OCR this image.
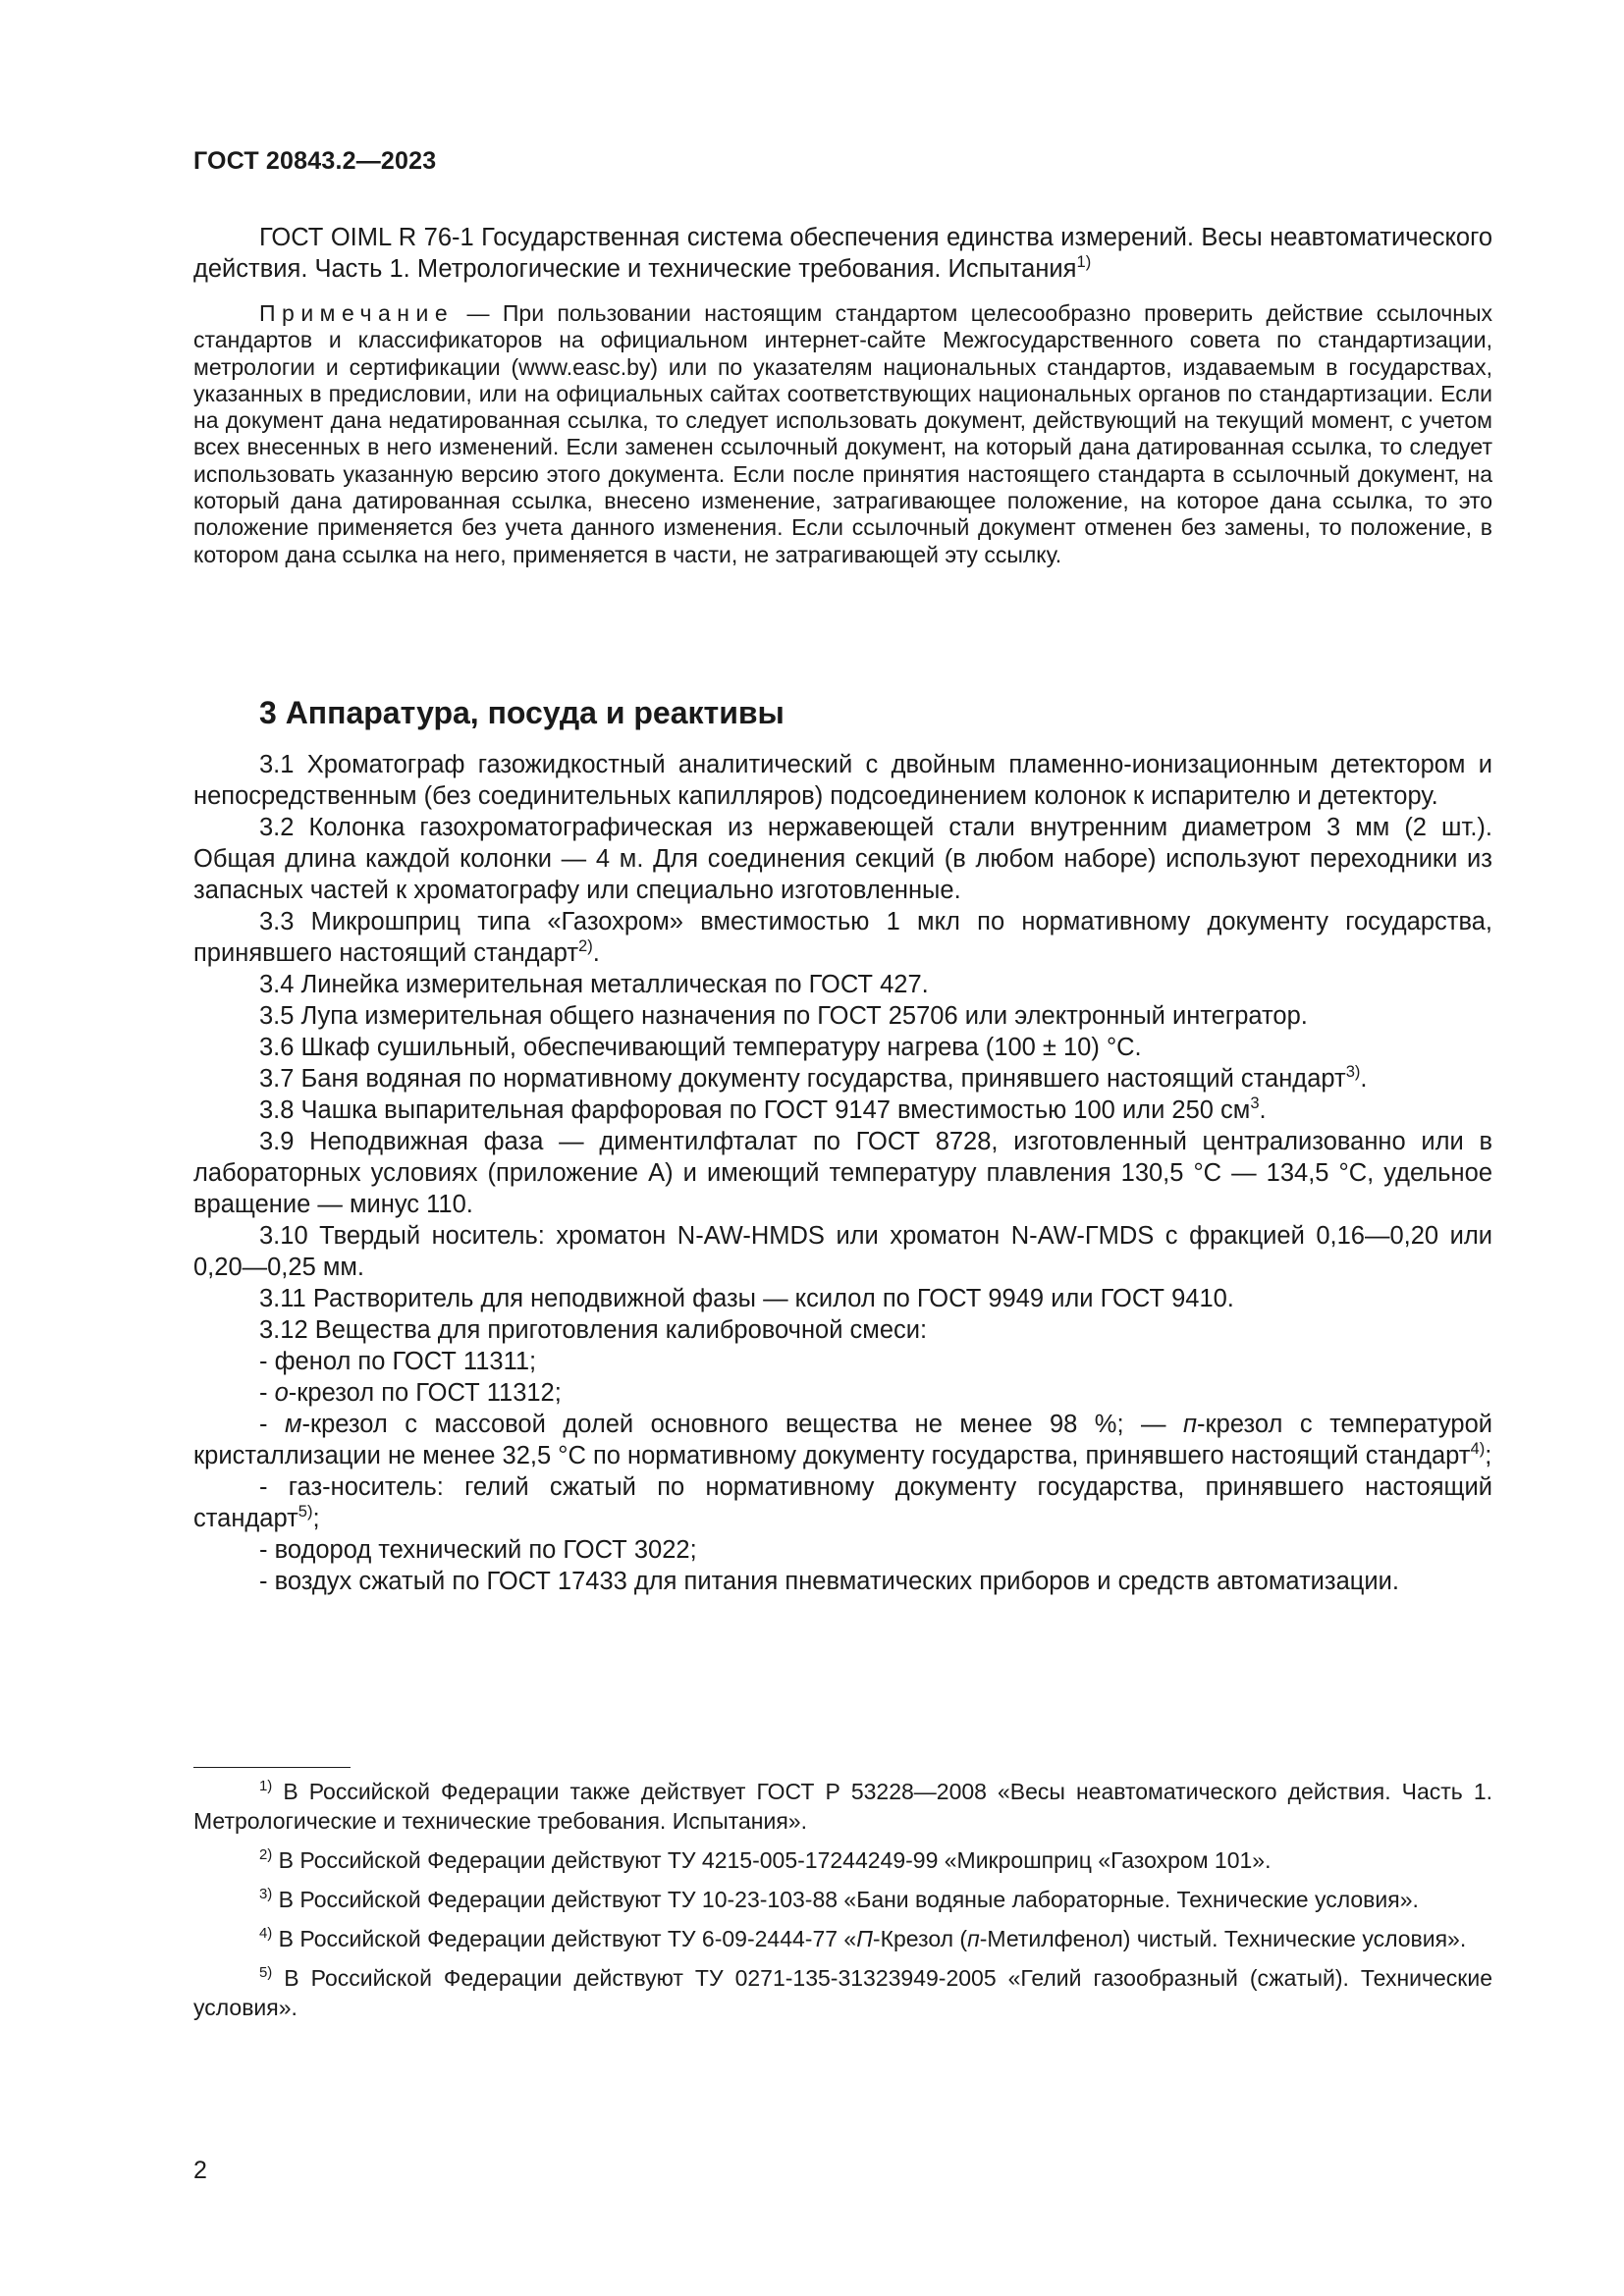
ГОСТ 20843.2—2023

ГОСТ OIML R 76-1 Государственная система обеспечения единства измерений. Весы неавтоматического действия. Часть 1. Метрологические и технические требования. Испытания$^{1)}$

Примечание — При пользовании настоящим стандартом целесообразно проверить действие ссылочных стандартов и классификаторов на официальном интернет-сайте Межгосударственного совета по стандартизации, метрологии и сертификации (www.easc.by) или по указателям национальных стандартов, издаваемым в государствах, указанных в предисловии, или на официальных сайтах соответствующих национальных органов по стандартизации. Если на документ дана недатированная ссылка, то следует использовать документ, действующий на текущий момент, с учетом всех внесенных в него изменений. Если заменен ссылочный документ, на который дана датированная ссылка, то следует использовать указанную версию этого документа. Если после принятия настоящего стандарта в ссылочный документ, на который дана датированная ссылка, внесено изменение, затрагивающее положение, на которое дана ссылка, то это положение применяется без учета данного изменения. Если ссылочный документ отменен без замены, то положение, в котором дана ссылка на него, применяется в части, не затрагивающей эту ссылку.

3 Аппаратура, посуда и реактивы

3.1 Хроматограф газожидкостный аналитический с двойным пламенно-ионизационным детектором и непосредственным (без соединительных капилляров) подсоединением колонок к испарителю и детектору.

3.2 Колонка газохроматографическая из нержавеющей стали внутренним диаметром 3 мм (2 шт.). Общая длина каждой колонки — 4 м. Для соединения секций (в любом наборе) используют переходники из запасных частей к хроматографу или специально изготовленные.

3.3 Микрошприц типа «Газохром» вместимостью 1 мкл по нормативному документу государства, принявшего настоящий стандарт$^{2)}$.

3.4 Линейка измерительная металлическая по ГОСТ 427.

3.5 Лупа измерительная общего назначения по ГОСТ 25706 или электронный интегратор.

3.6 Шкаф сушильный, обеспечивающий температуру нагрева (100 ± 10) °С.

3.7 Баня водяная по нормативному документу государства, принявшего настоящий стандарт$^{3)}$.

3.8 Чашка выпарительная фарфоровая по ГОСТ 9147 вместимостью 100 или 250 $см^3$.

3.9 Неподвижная фаза — диментилфталат по ГОСТ 8728, изготовленный централизованно или в лабораторных условиях (приложение А) и имеющий температуру плавления 130,5 °С — 134,5 °С, удельное вращение — минус 110.

3.10 Твердый носитель: хроматон N-AW-HMDS или хроматон N-AW-ГMDS с фракцией 0,16—0,20 или 0,20—0,25 мм.

3.11 Растворитель для неподвижной фазы — ксилол по ГОСТ 9949 или ГОСТ 9410.

3.12 Вещества для приготовления калибровочной смеси:

- фенол по ГОСТ 11311;

- о-крезол по ГОСТ 11312;

- м-крезол с массовой долей основного вещества не менее 98 %; — п-крезол с температурой кристаллизации не менее 32,5 °С по нормативному документу государства, принявшего настоящий стандарт$^{4)}$;

- газ-носитель: гелий сжатый по нормативному документу государства, принявшего настоящий стандарт$^{5)}$;

- водород технический по ГОСТ 3022;

- воздух сжатый по ГОСТ 17433 для питания пневматических приборов и средств автоматизации.

$^{1)}$ В Российской Федерации также действует ГОСТ Р 53228—2008 «Весы неавтоматического действия. Часть 1. Метрологические и технические требования. Испытания».

$^{2)}$ В Российской Федерации действуют ТУ 4215-005-17244249-99 «Микрошприц «Газохром 101».

$^{3)}$ В Российской Федерации действуют ТУ 10-23-103-88 «Бани водяные лабораторные. Технические условия».

$^{4)}$ В Российской Федерации действуют ТУ 6-09-2444-77 «П-Крезол (п-Метилфенол) чистый. Технические условия».

$^{5)}$ В Российской Федерации действуют ТУ 0271-135-31323949-2005 «Гелий газообразный (сжатый). Технические условия».

2
